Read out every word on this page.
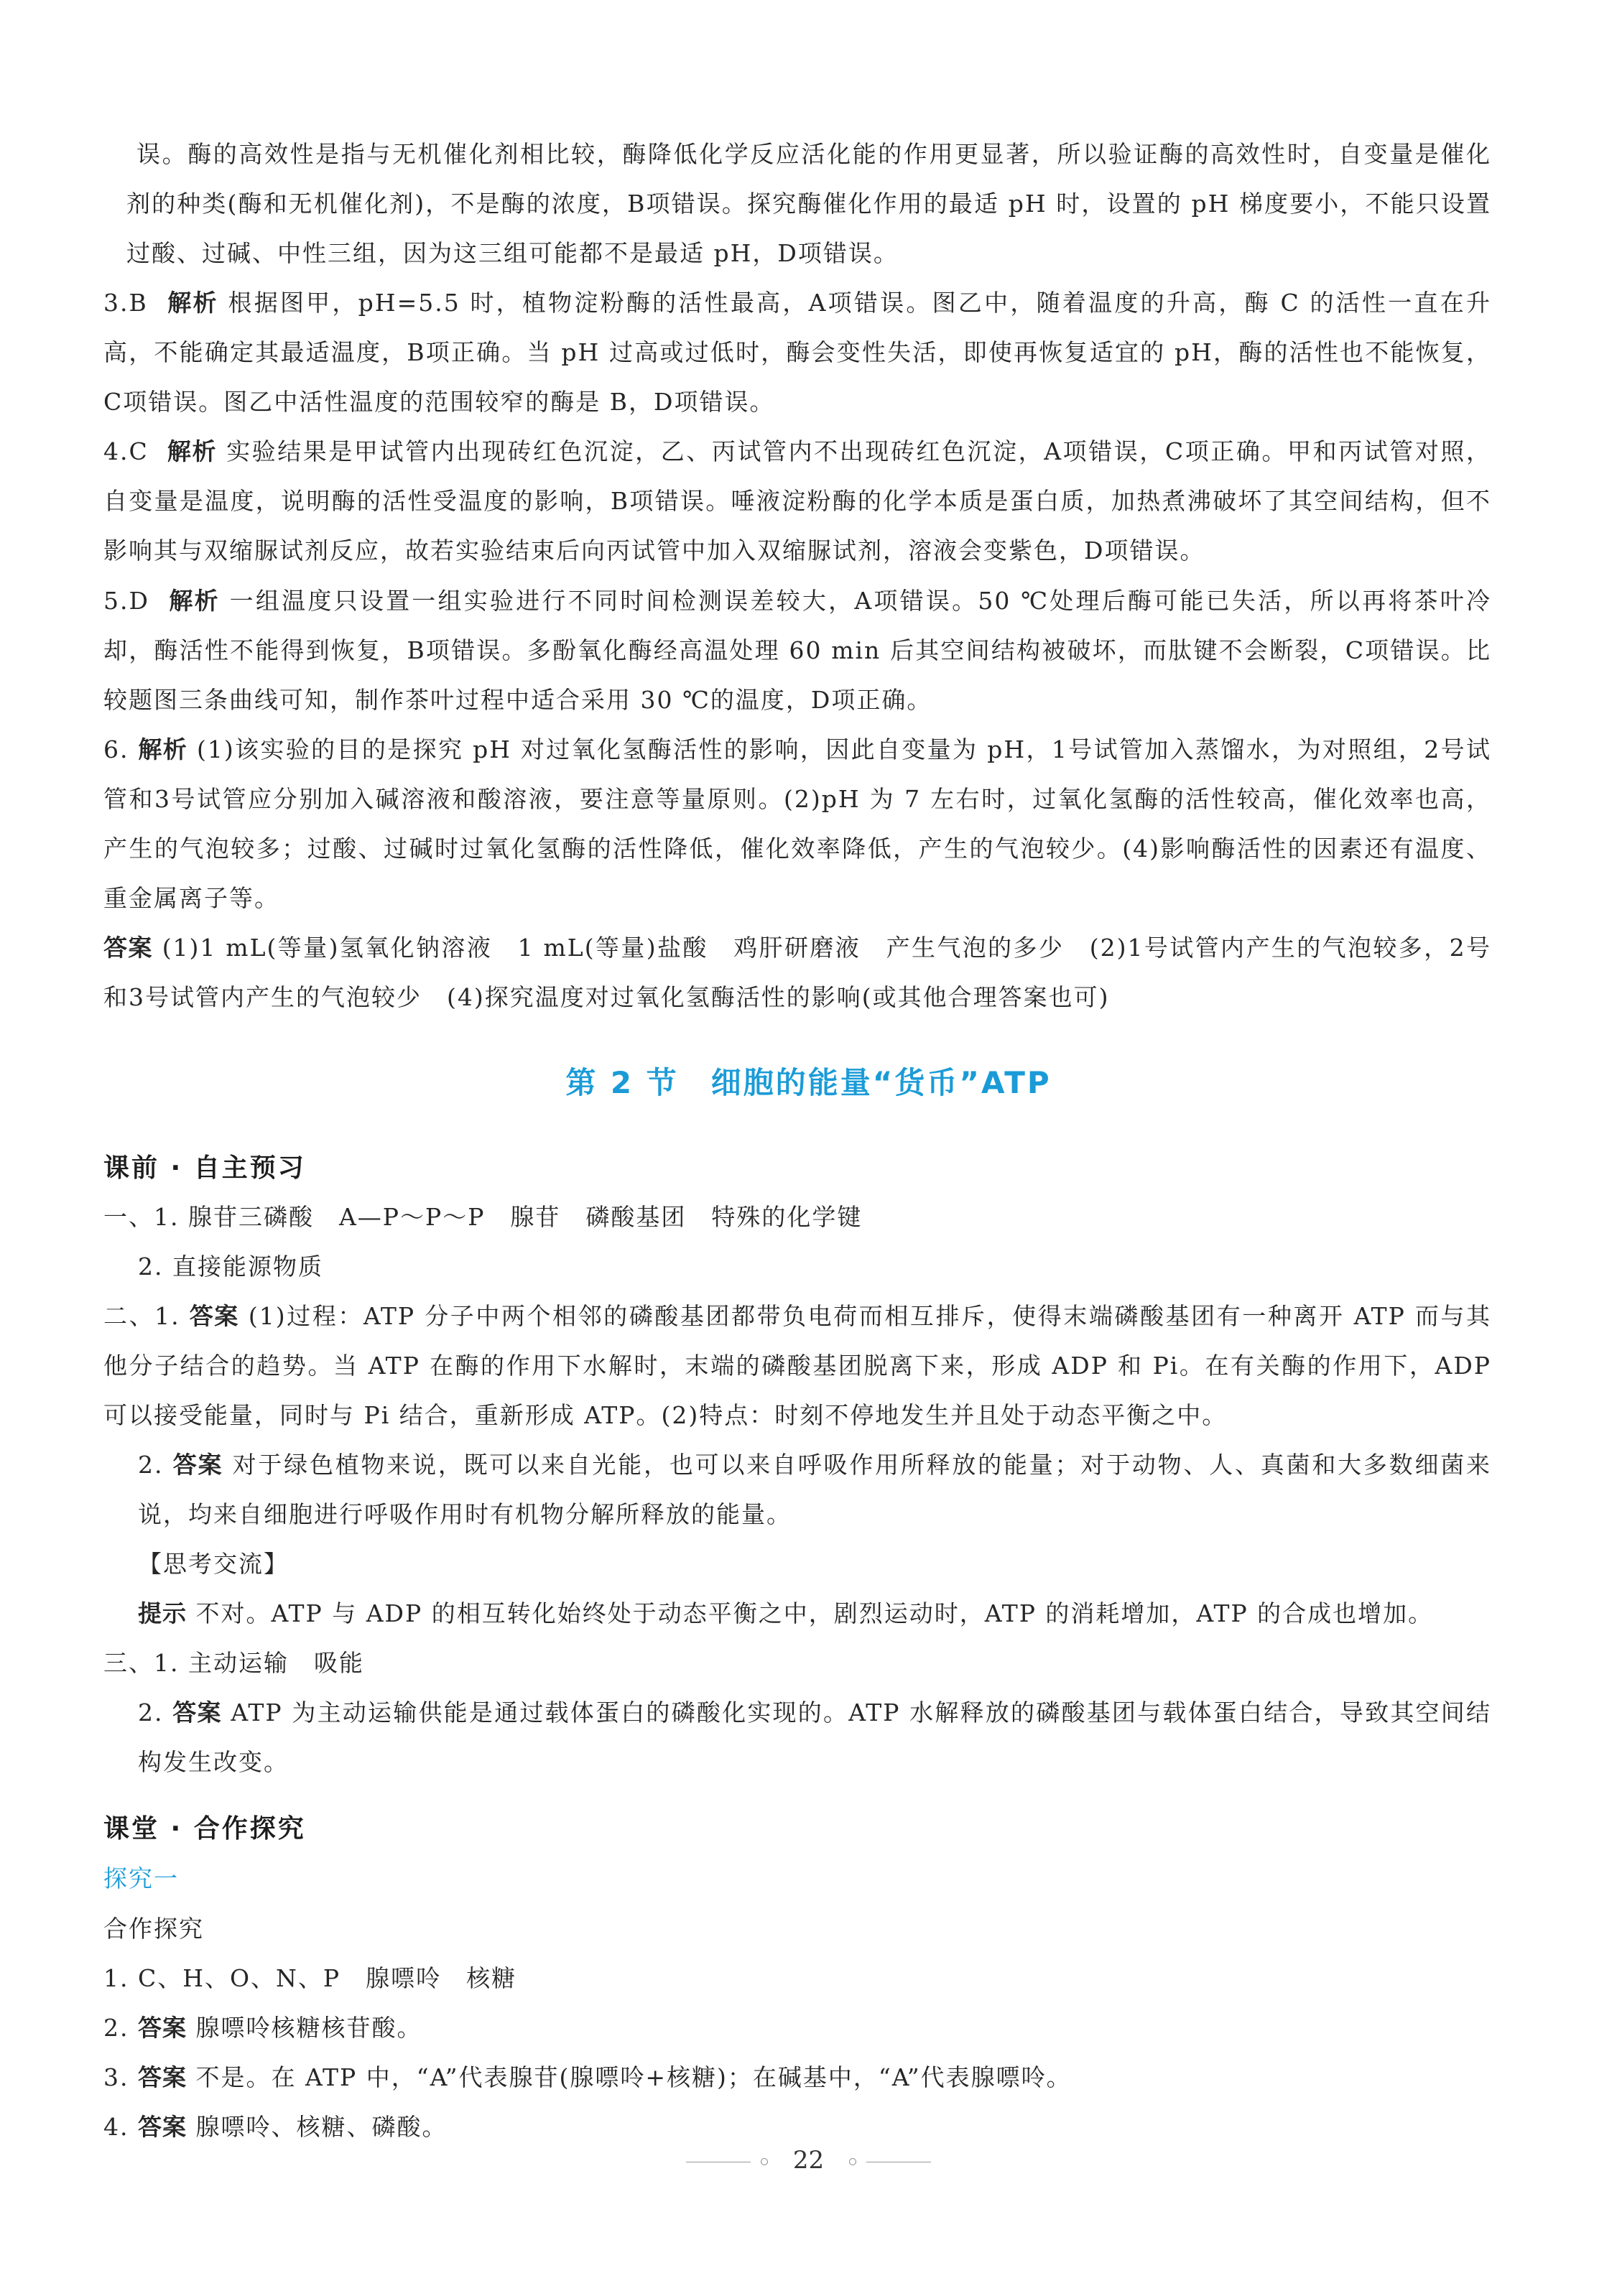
误。酶的高效性是指与无机催化剂相比较，酶降低化学反应活化能的作用更显著，所以验证酶的高效性时，自变量是催化剂的种类(酶和无机催化剂)，不是酶的浓度，B项错误。探究酶催化作用的最适 pH 时，设置的 pH 梯度要小，不能只设置过酸、过碱、中性三组，因为这三组可能都不是最适 pH，D项错误。

3.B 解析 根据图甲，pH=5.5 时，植物淀粉酶的活性最高，A项错误。图乙中，随着温度的升高，酶 C 的活性一直在升高，不能确定其最适温度，B项正确。当 pH 过高或过低时，酶会变性失活，即使再恢复适宜的 pH，酶的活性也不能恢复，C项错误。图乙中活性温度的范围较窄的酶是 B，D项错误。

4.C 解析 实验结果是甲试管内出现砖红色沉淀，乙、丙试管内不出现砖红色沉淀，A项错误，C项正确。甲和丙试管对照，自变量是温度，说明酶的活性受温度的影响，B项错误。唾液淀粉酶的化学本质是蛋白质，加热煮沸破坏了其空间结构，但不影响其与双缩脲试剂反应，故若实验结束后向丙试管中加入双缩脲试剂，溶液会变紫色，D项错误。

5.D 解析 一组温度只设置一组实验进行不同时间检测误差较大，A项错误。50 ℃处理后酶可能已失活，所以再将茶叶冷却，酶活性不能得到恢复，B项错误。多酚氧化酶经高温处理 60 min 后其空间结构被破坏，而肽键不会断裂，C项错误。比较题图三条曲线可知，制作茶叶过程中适合采用 30 ℃的温度，D项正确。

6. 解析 (1)该实验的目的是探究 pH 对过氧化氢酶活性的影响，因此自变量为 pH，1号试管加入蒸馏水，为对照组，2号试管和3号试管应分别加入碱溶液和酸溶液，要注意等量原则。(2)pH 为 7 左右时，过氧化氢酶的活性较高，催化效率也高，产生的气泡较多；过酸、过碱时过氧化氢酶的活性降低，催化效率降低，产生的气泡较少。(4)影响酶活性的因素还有温度、重金属离子等。

答案 (1)1 mL(等量)氢氧化钠溶液　1 mL(等量)盐酸　鸡肝研磨液　产生气泡的多少　(2)1号试管内产生的气泡较多，2号和3号试管内产生的气泡较少　(4)探究温度对过氧化氢酶活性的影响(或其他合理答案也可)

第 2 节　细胞的能量“货币”ATP
课前 · 自主预习

一、1. 腺苷三磷酸　A—P～P～P　腺苷　磷酸基团　特殊的化学键

2. 直接能源物质

二、1. 答案 (1)过程：ATP 分子中两个相邻的磷酸基团都带负电荷而相互排斥，使得末端磷酸基团有一种离开 ATP 而与其他分子结合的趋势。当 ATP 在酶的作用下水解时，末端的磷酸基团脱离下来，形成 ADP 和 Pi。在有关酶的作用下，ADP 可以接受能量，同时与 Pi 结合，重新形成 ATP。(2)特点：时刻不停地发生并且处于动态平衡之中。

2. 答案 对于绿色植物来说，既可以来自光能，也可以来自呼吸作用所释放的能量；对于动物、人、真菌和大多数细菌来说，均来自细胞进行呼吸作用时有机物分解所释放的能量。

【思考交流】

提示 不对。ATP 与 ADP 的相互转化始终处于动态平衡之中，剧烈运动时，ATP 的消耗增加，ATP 的合成也增加。

三、1. 主动运输　吸能

2. 答案 ATP 为主动运输供能是通过载体蛋白的磷酸化实现的。ATP 水解释放的磷酸基团与载体蛋白结合，导致其空间结构发生改变。

课堂 · 合作探究
探究一
合作探究

1. C、H、O、N、P　腺嘌呤　核糖

2. 答案 腺嘌呤核糖核苷酸。

3. 答案 不是。在 ATP 中，“A”代表腺苷(腺嘌呤+核糖)；在碱基中，“A”代表腺嘌呤。

4. 答案 腺嘌呤、核糖、磷酸。

22
